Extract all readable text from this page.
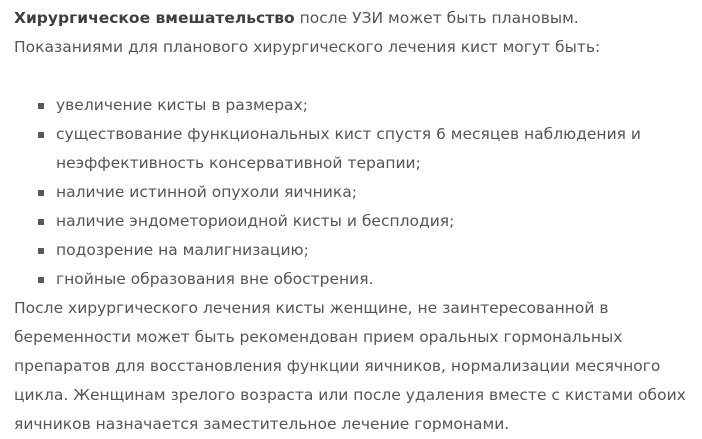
Хирургическое вмешательство после УЗИ может быть плановым. Показаниями для планового хирургического лечения кист могут быть:

увеличение кисты в размерах;
существование функциональных кист спустя 6 месяцев наблюдения и неэффективность консервативной терапии;
наличие истинной опухоли яичника;
наличие эндометориоидной кисты и бесплодия;
подозрение на малигнизацию;
гнойные образования вне обострения.

После хирургического лечения кисты женщине, не заинтересованной в беременности может быть рекомендован прием оральных гормональных препаратов для восстановления функции яичников, нормализации месячного цикла. Женщинам зрелого возраста или после удаления вместе с кистами обоих яичников назначается заместительное лечение гормонами.
